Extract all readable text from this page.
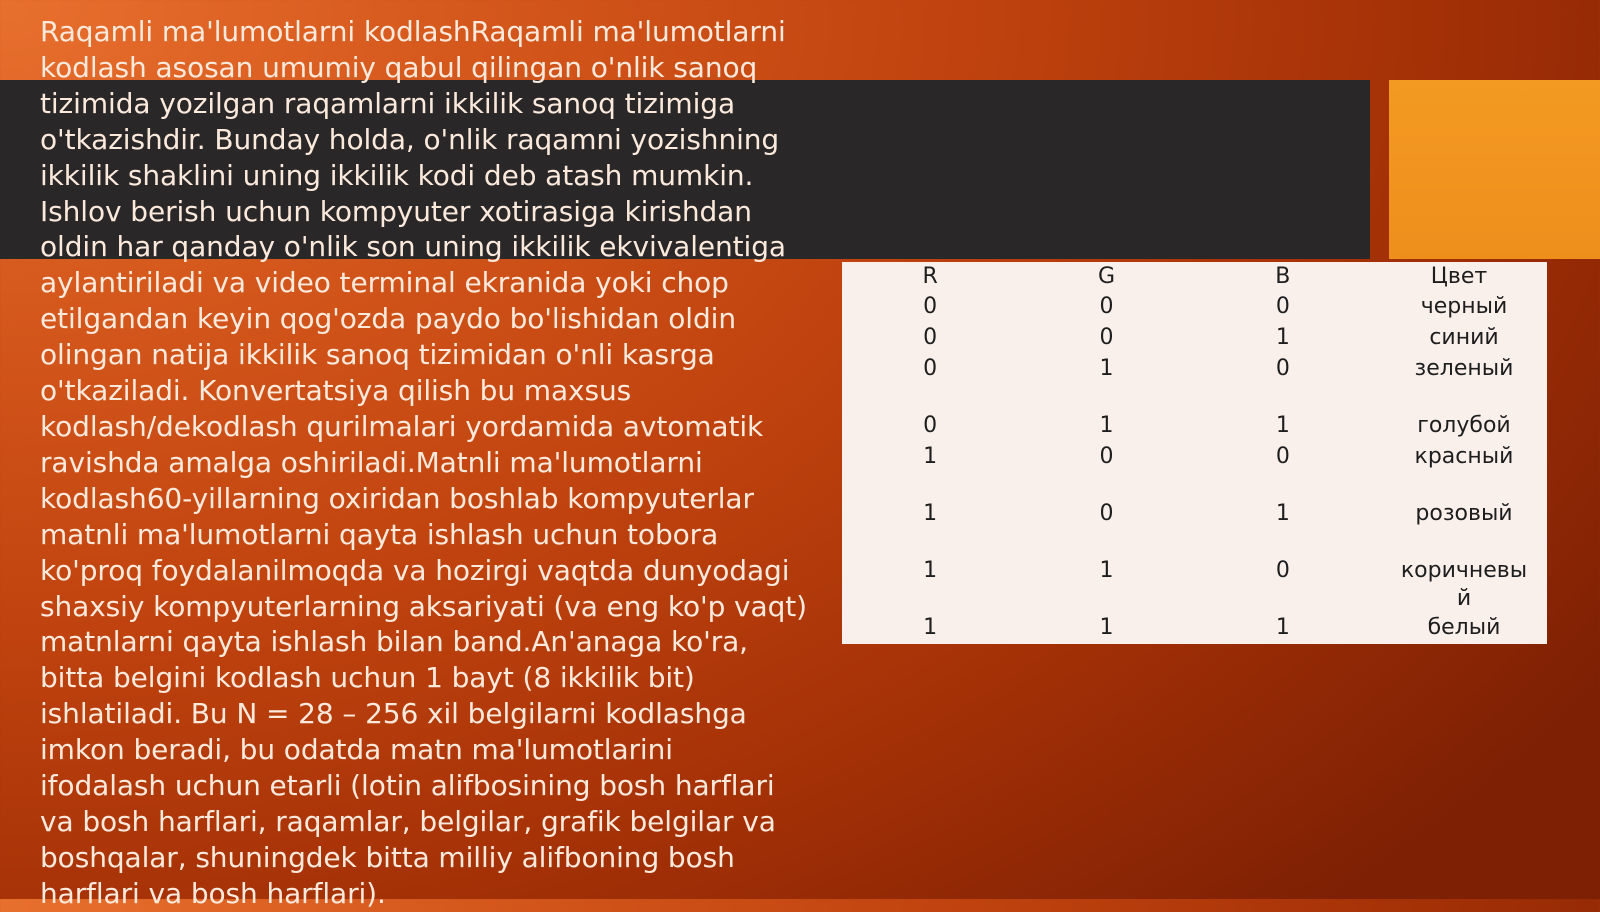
Raqamli ma'lumotlarni kodlashRaqamli ma'lumotlarni
kodlash asosan umumiy qabul qilingan o'nlik sanoq
tizimida yozilgan raqamlarni ikkilik sanoq tizimiga
o'tkazishdir. Bunday holda, o'nlik raqamni yozishning
ikkilik shaklini uning ikkilik kodi deb atash mumkin.
Ishlov berish uchun kompyuter xotirasiga kirishdan
oldin har qanday o'nlik son uning ikkilik ekvivalentiga
aylantiriladi va video terminal ekranida yoki chop
etilgandan keyin qog'ozda paydo bo'lishidan oldin
olingan natija ikkilik sanoq tizimidan o'nli kasrga
o'tkaziladi. Konvertatsiya qilish bu maxsus
kodlash/dekodlash qurilmalari yordamida avtomatik
ravishda amalga oshiriladi.Matnli ma'lumotlarni
kodlash60-yillarning oxiridan boshlab kompyuterlar
matnli ma'lumotlarni qayta ishlash uchun tobora
ko'proq foydalanilmoqda va hozirgi vaqtda dunyodagi
shaxsiy kompyuterlarning aksariyati (va eng ko'p vaqt)
matnlarni qayta ishlash bilan band.An'anaga ko'ra,
bitta belgini kodlash uchun 1 bayt (8 ikkilik bit)
ishlatiladi. Bu N = 28 – 256 xil belgilarni kodlashga
imkon beradi, bu odatda matn ma'lumotlarini
ifodalash uchun etarli (lotin alifbosining bosh harflari
va bosh harflari, raqamlar, belgilar, grafik belgilar va
boshqalar, shuningdek bitta milliy alifboning bosh
harflari va bosh harflari).

R	G	B	Цвет
0	0	0	черный
0	0	1	синий
0	1	0	зеленый
0	1	1	голубой
1	0	0	красный
1	0	1	розовый
1	1	0	коричневый
1	1	1	белый
